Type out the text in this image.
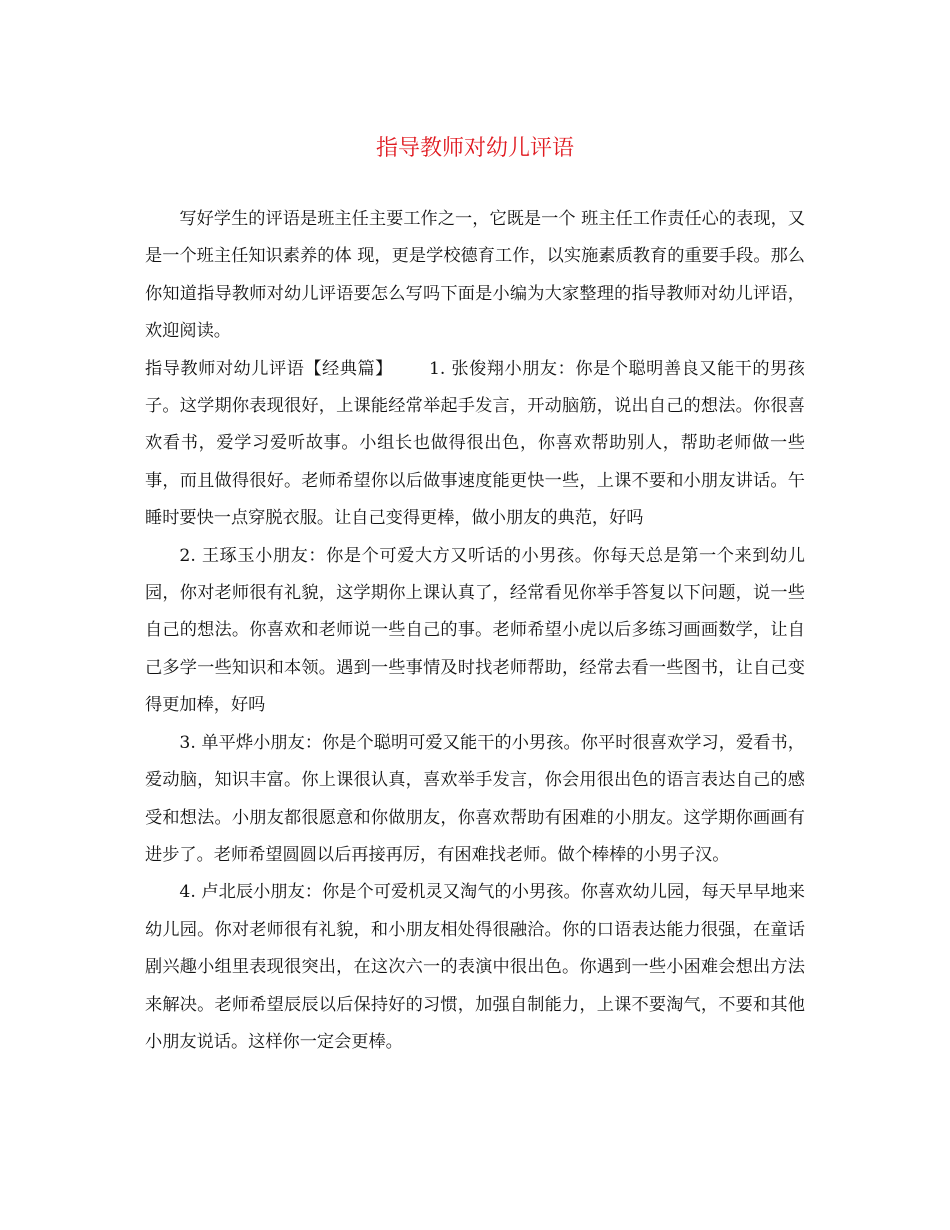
指导教师对幼儿评语

写好学生的评语是班主任主要工作之一，它既是一个 班主任工作责任心的表现，又是一个班主任知识素养的体 现，更是学校德育工作，以实施素质教育的重要手段。那么你知道指导教师对幼儿评语要怎么写吗下面是小编为大家整理的指导教师对幼儿评语，欢迎阅读。

指导教师对幼儿评语【经典篇】 1. 张俊翔小朋友：你是个聪明善良又能干的男孩子。这学期你表现很好，上课能经常举起手发言，开动脑筋，说出自己的想法。你很喜欢看书，爱学习爱听故事。小组长也做得很出色，你喜欢帮助别人，帮助老师做一些事，而且做得很好。老师希望你以后做事速度能更快一些，上课不要和小朋友讲话。午睡时要快一点穿脱衣服。让自己变得更棒，做小朋友的典范，好吗

2. 王琢玉小朋友：你是个可爱大方又听话的小男孩。你每天总是第一个来到幼儿园，你对老师很有礼貌，这学期你上课认真了，经常看见你举手答复以下问题，说一些自己的想法。你喜欢和老师说一些自己的事。老师希望小虎以后多练习画画数学，让自己多学一些知识和本领。遇到一些事情及时找老师帮助，经常去看一些图书，让自己变得更加棒，好吗

3. 单平烨小朋友：你是个聪明可爱又能干的小男孩。你平时很喜欢学习，爱看书，爱动脑，知识丰富。你上课很认真，喜欢举手发言，你会用很出色的语言表达自己的感受和想法。小朋友都很愿意和你做朋友，你喜欢帮助有困难的小朋友。这学期你画画有进步了。老师希望圆圆以后再接再厉，有困难找老师。做个棒棒的小男子汉。

4. 卢北辰小朋友：你是个可爱机灵又淘气的小男孩。你喜欢幼儿园，每天早早地来幼儿园。你对老师很有礼貌，和小朋友相处得很融洽。你的口语表达能力很强，在童话剧兴趣小组里表现很突出，在这次六一的表演中很出色。你遇到一些小困难会想出方法来解决。老师希望辰辰以后保持好的习惯，加强自制能力，上课不要淘气，不要和其他小朋友说话。这样你一定会更棒。
